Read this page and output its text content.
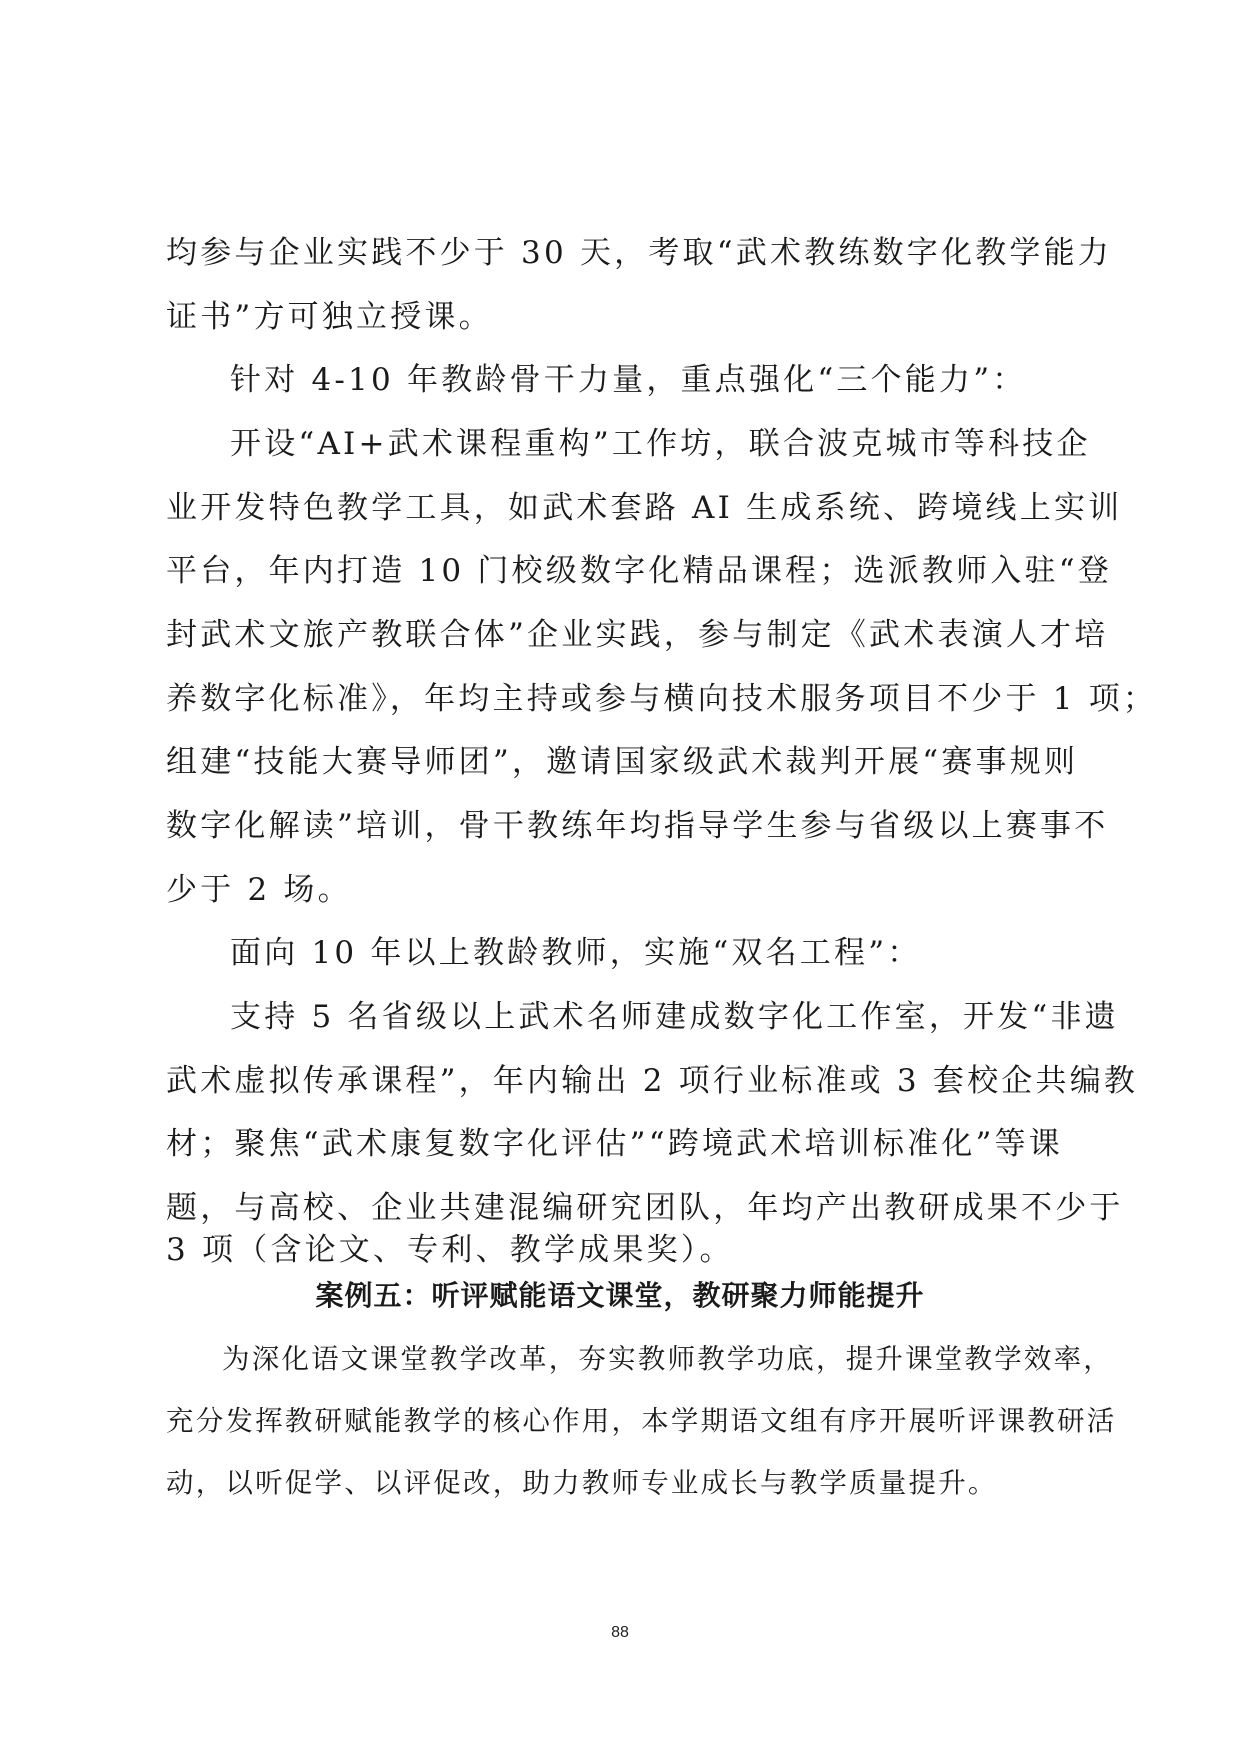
均参与企业实践不少于 30 天，考取“武术教练数字化教学能力
证书”方可独立授课。
针对 4-10 年教龄骨干力量，重点强化“三个能力”：
开设“AI+武术课程重构”工作坊，联合波克城市等科技企
业开发特色教学工具，如武术套路 AI 生成系统、跨境线上实训
平台，年内打造 10 门校级数字化精品课程；选派教师入驻“登
封武术文旅产教联合体”企业实践，参与制定《武术表演人才培
养数字化标准》，年均主持或参与横向技术服务项目不少于 1 项；
组建“技能大赛导师团”，邀请国家级武术裁判开展“赛事规则
数字化解读”培训，骨干教练年均指导学生参与省级以上赛事不
少于 2 场。
面向 10 年以上教龄教师，实施“双名工程”：
支持 5 名省级以上武术名师建成数字化工作室，开发“非遗
武术虚拟传承课程”，年内输出 2 项行业标准或 3 套校企共编教
材；聚焦“武术康复数字化评估”“跨境武术培训标准化”等课
题，与高校、企业共建混编研究团队，年均产出教研成果不少于
3 项（含论文、专利、教学成果奖）。
案例五：听评赋能语文课堂，教研聚力师能提升
为深化语文课堂教学改革，夯实教师教学功底，提升课堂教学效率，
充分发挥教研赋能教学的核心作用，本学期语文组有序开展听评课教研活
动，以听促学、以评促改，助力教师专业成长与教学质量提升。
88
